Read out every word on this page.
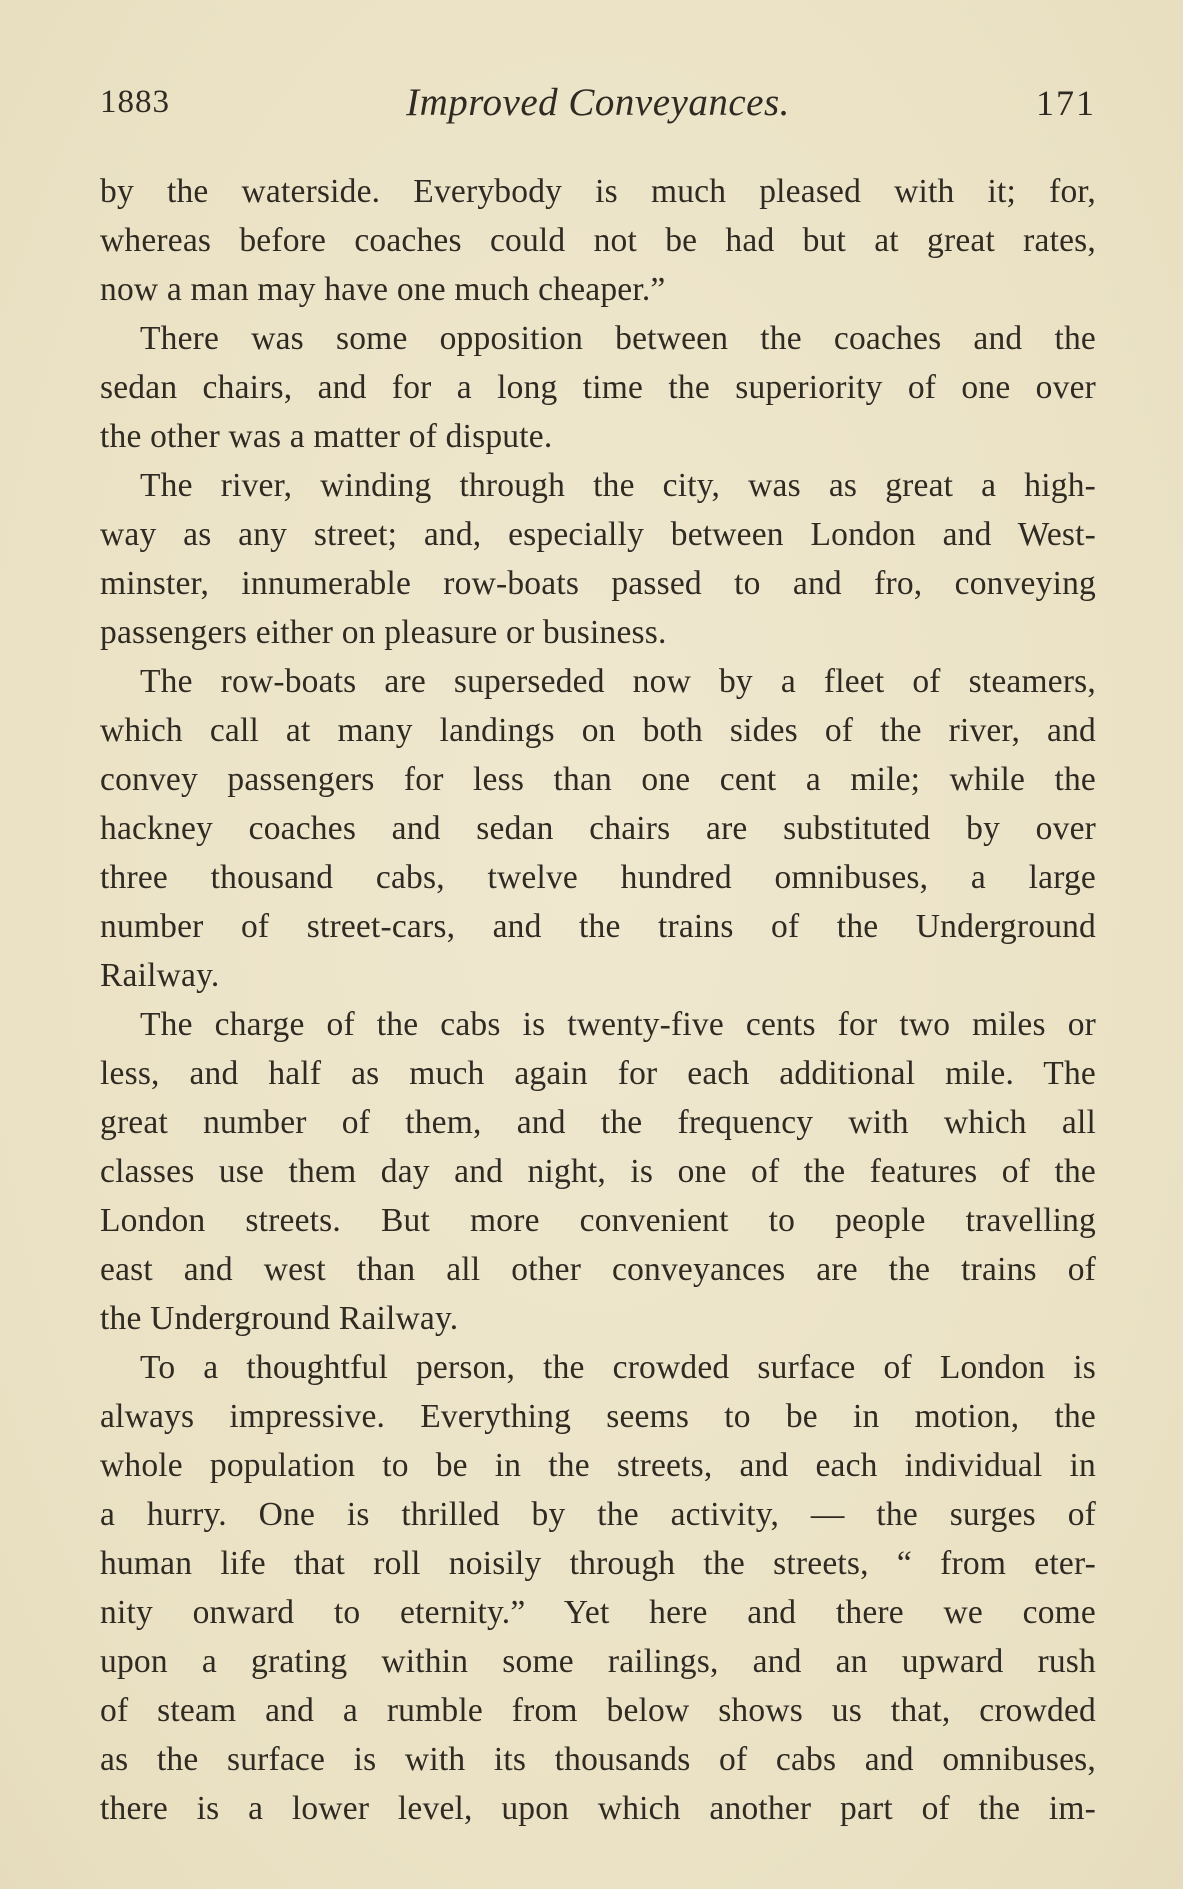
1883	Improved Conveyances.	171
by the waterside. Everybody is much pleased with it; for,
whereas before coaches could not be had but at great rates,
now a man may have one much cheaper.”
There was some opposition between the coaches and the
sedan chairs, and for a long time the superiority of one over
the other was a matter of dispute.
The river, winding through the city, was as great a high-
way as any street; and, especially between London and West-
minster, innumerable row-boats passed to and fro, conveying
passengers either on pleasure or business.
The row-boats are superseded now by a fleet of steamers,
which call at many landings on both sides of the river, and
convey passengers for less than one cent a mile; while the
hackney coaches and sedan chairs are substituted by over
three thousand cabs, twelve hundred omnibuses, a large
number of street-cars, and the trains of the Underground
Railway.
The charge of the cabs is twenty-five cents for two miles or
less, and half as much again for each additional mile. The
great number of them, and the frequency with which all
classes use them day and night, is one of the features of the
London streets. But more convenient to people travelling
east and west than all other conveyances are the trains of
the Underground Railway.
To a thoughtful person, the crowded surface of London is
always impressive. Everything seems to be in motion, the
whole population to be in the streets, and each individual in
a hurry. One is thrilled by the activity, — the surges of
human life that roll noisily through the streets, “ from eter-
nity onward to eternity.” Yet here and there we come
upon a grating within some railings, and an upward rush
of steam and a rumble from below shows us that, crowded
as the surface is with its thousands of cabs and omnibuses,
there is a lower level, upon which another part of the im-
